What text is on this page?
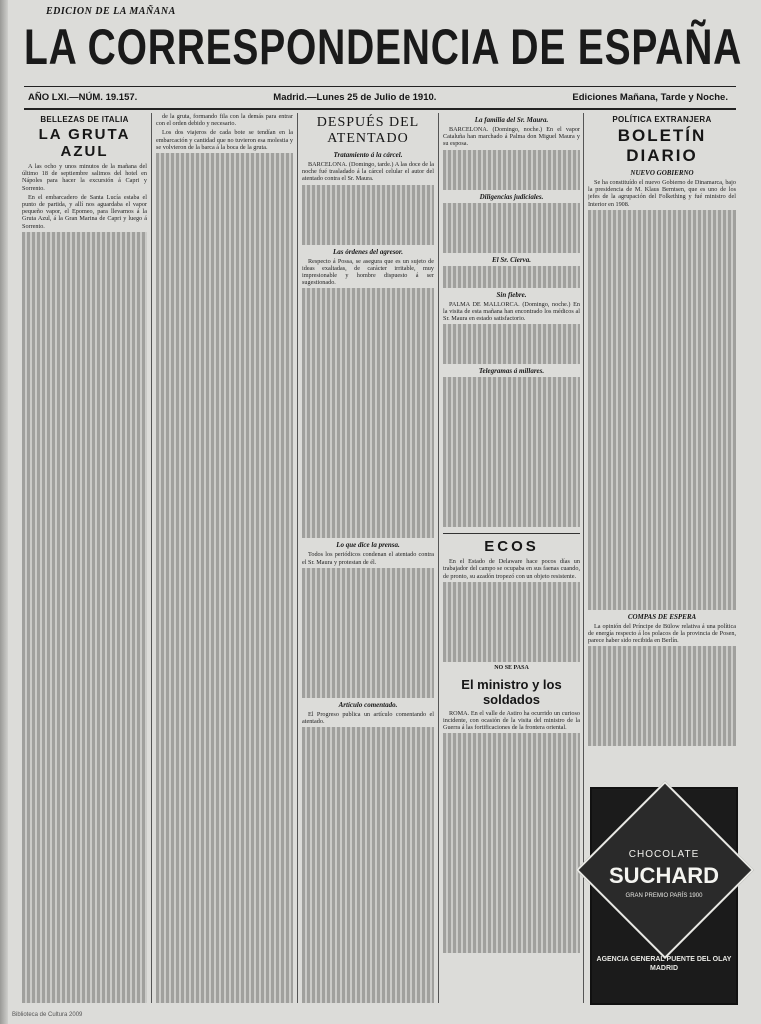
EDICION DE LA MAÑANA
LA CORRESPONDENCIA DE ESPAÑA
AÑO LXI.—NÚM. 19.157.	Madrid.—Lunes 25 de Julio de 1910.	Ediciones Mañana, Tarde y Noche.
BELLEZAS DE ITALIA
LA GRUTA AZUL

A las ocho y unos minutos de la mañana del último 18 de septiembre salimos del hotel en Nápoles para hacer la excursión á Capri y Sorrento.

En el embarcadero de Santa Lucía estaba el punto de partida, y allí nos aguardaba el vapor pequeño vapor, el Epomeo, para llevarnos á la Gruta Azul, á la Gran Marina de Capri y luego á Sorrento.

de la gruta, formando fila con la demás para entrar con el orden debido y necesario.

Los dos viajeros de cada bote se tendían en la embarcación y cantidad que no tuvieron esa molestia y se volvieron de la barca á la boca de la gruta.

DESPUÉS DEL ATENTADO
Tratamiento á la cárcel.

BARCELONA. (Domingo, tarde.) A las doce de la noche fué trasladado á la cárcel celular el autor del atentado contra el Sr. Maura.

Las órdenes del agresor.

Respecto á Possa, se asegura que es un sujeto de ideas exaltadas, de carácter irritable, muy impresionable y hombre dispuesto á ser sugestionado.

Lo que dice la prensa.

Todos los periódicos condenan el atentado contra el Sr. Maura y protestan de él.

Artículo comentado.

El Progreso publica un artículo comentando el atentado.

La familia del Sr. Maura.

BARCELONA. (Domingo, noche.) En el vapor Cataluña han marchado á Palma don Miguel Maura y su esposa.

Diligencias judiciales.
El Sr. Cierva.
Sin fiebre.

PALMA DE MALLORCA. (Domingo, noche.) En la visita de esta mañana han encontrado los médicos al Sr. Maura en estado satisfactorio.

Telegramas á millares.
ECOS

En el Estado de Delaware hace pocos días un trabajador del campo se ocupaba en sus faenas cuando, de pronto, su azadón tropezó con un objeto resistente.

NO SE PASA
El ministro y los soldados

ROMA. En el valle de Astiro ha ocurrido un curioso incidente, con ocasión de la visita del ministro de la Guerra á las fortificaciones de la frontera oriental.

POLÍTICA EXTRANJERA
BOLETÍN DIARIO
NUEVO GOBIERNO

Se ha constituído el nuevo Gobierno de Dinamarca, bajo la presidencia de M. Klaus Berntsen, que es uno de los jefes de la agrupación del Folkething y fué ministro del Interior en 1908.

COMPAS DE ESPERA

La opinión del Príncipe de Bülow relativa á una política de energía respecto á los polacos de la provincia de Posen, parece haber sido recibida en Berlín.

CHOCOLATE
SUCHARD
GRAN PREMIO PARÍS 1900
AGENCIA GENERAL PUENTE DEL OLAY MADRID
Biblioteca de Cultura 2009
